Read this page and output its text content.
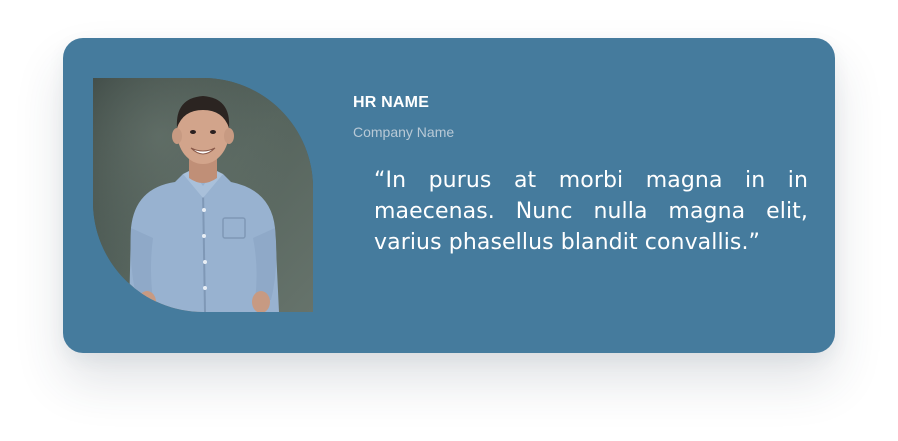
HR NAME

Company Name

“In purus at morbi magna in in maecenas. Nunc nulla magna elit, varius phasellus blandit convallis.”
